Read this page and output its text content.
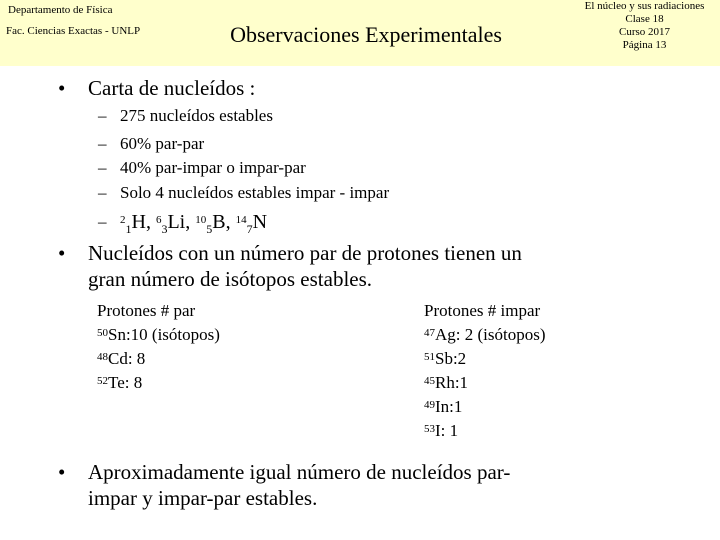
Departamento de Física
Fac. Ciencias Exactas - UNLP	Observaciones Experimentales
El núcleo y sus radiaciones
Clase 18
Curso 2017
Página 13
• Carta de nucleídos :
– 275 nucleídos estables
– 60% par-par
– 40% par-impar o impar-par
– Solo 4 nucleídos estables impar - impar
– $^2_1$H, $^6_3$Li, $^{10}_5$B, $^{14}_7$N
• Nucleídos con un número par de protones tienen un
gran número de isótopos estables.
Protones # par
$^{50}$Sn:10 (isótopos)
$^{48}$Cd: 8
$^{52}$Te: 8
Protones # impar
$^{47}$Ag: 2 (isótopos)
$^{51}$Sb:2
$^{45}$Rh:1
$^{49}$In:1
$^{53}$I: 1
• Aproximadamente igual número de nucleídos par-
impar y impar-par estables.
